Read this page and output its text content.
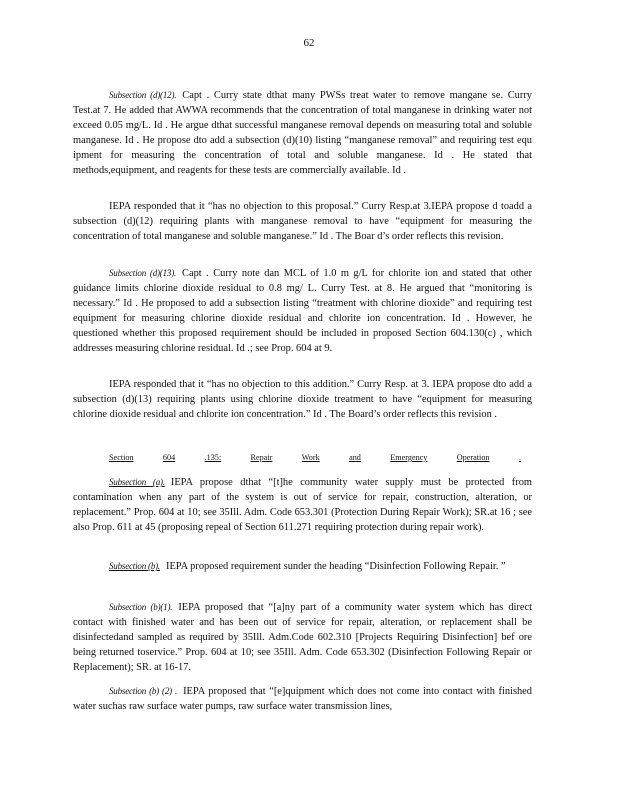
62
Subsection (d)(12). Capt . Curry state dthat many PWSs treat water to remove mangane se. Curry Test.at 7. He added that AWWA recommends that the concentration of total manganese in drinking water not exceed 0.05 mg/L. Id . He argue dthat successful manganese removal depends on measuring total and soluble manganese. Id . He propose dto add a subsection (d)(10) listing “manganese removal” and requiring test equ ipment for measuring the concentration of total and soluble manganese. Id . He stated that methods,equipment, and reagents for these tests are commercially available. Id .
IEPA responded that it “has no objection to this proposal.” Curry Resp.at 3.IEPA propose d toadd a subsection (d)(12) requiring plants with manganese removal to have “equipment for measuring the concentration of total manganese and soluble manganese.” Id . The Boar d’s order reflects this revision.
Subsection (d)(13). Capt . Curry note dan MCL of 1.0 m g/L for chlorite ion and stated that other guidance limits chlorine dioxide residual to 0.8 mg/ L. Curry Test. at 8. He argued that “monitoring is necessary.” Id . He proposed to add a subsection listing “treatment with chlorine dioxide” and requiring test equipment for measuring chlorine dioxide residual and chlorite ion concentration. Id . However, he questioned whether this proposed requirement should be included in proposed Section 604.130(c) , which addresses measuring chlorine residual. Id .; see Prop. 604 at 9.
IEPA responded that it “has no objection to this addition.” Curry Resp. at 3. IEPA propose dto add a subsection (d)(13) requiring plants using chlorine dioxide treatment to have “equipment for measuring chlorine dioxide residual and chlorite ion concentration.” Id . The Board’s order reflects this revision .
Section	604	.135:	Repair	Work	and	Emergency	Operation	.
Subsection (a). IEPA propose dthat “[t]he community water supply must be protected from contamination when any part of the system is out of service for repair, construction, alteration, or replacement.” Prop. 604 at 10; see 35Ill. Adm. Code 653.301 (Protection During Repair Work); SR.at 16 ; see also Prop. 611 at 45 (proposing repeal of Section 611.271 requiring protection during repair work).
Subsection (b). IEPA proposed requirement sunder the heading “Disinfection Following Repair. ”
Subsection (b)(1). IEPA proposed that “[a]ny part of a community water system which has direct contact with finished water and has been out of service for repair, alteration, or replacement shall be disinfectedand sampled as required by 35Ill. Adm.Code 602.310 [Projects Requiring Disinfection] bef ore being returned toservice.” Prop. 604 at 10; see 35Ill. Adm. Code 653.302 (Disinfection Following Repair or Replacement); SR. at 16-17.
Subsection (b) (2) . IEPA proposed that “[e]quipment which does not come into contact with finished water suchas raw surface water pumps, raw surface water transmission lines,
